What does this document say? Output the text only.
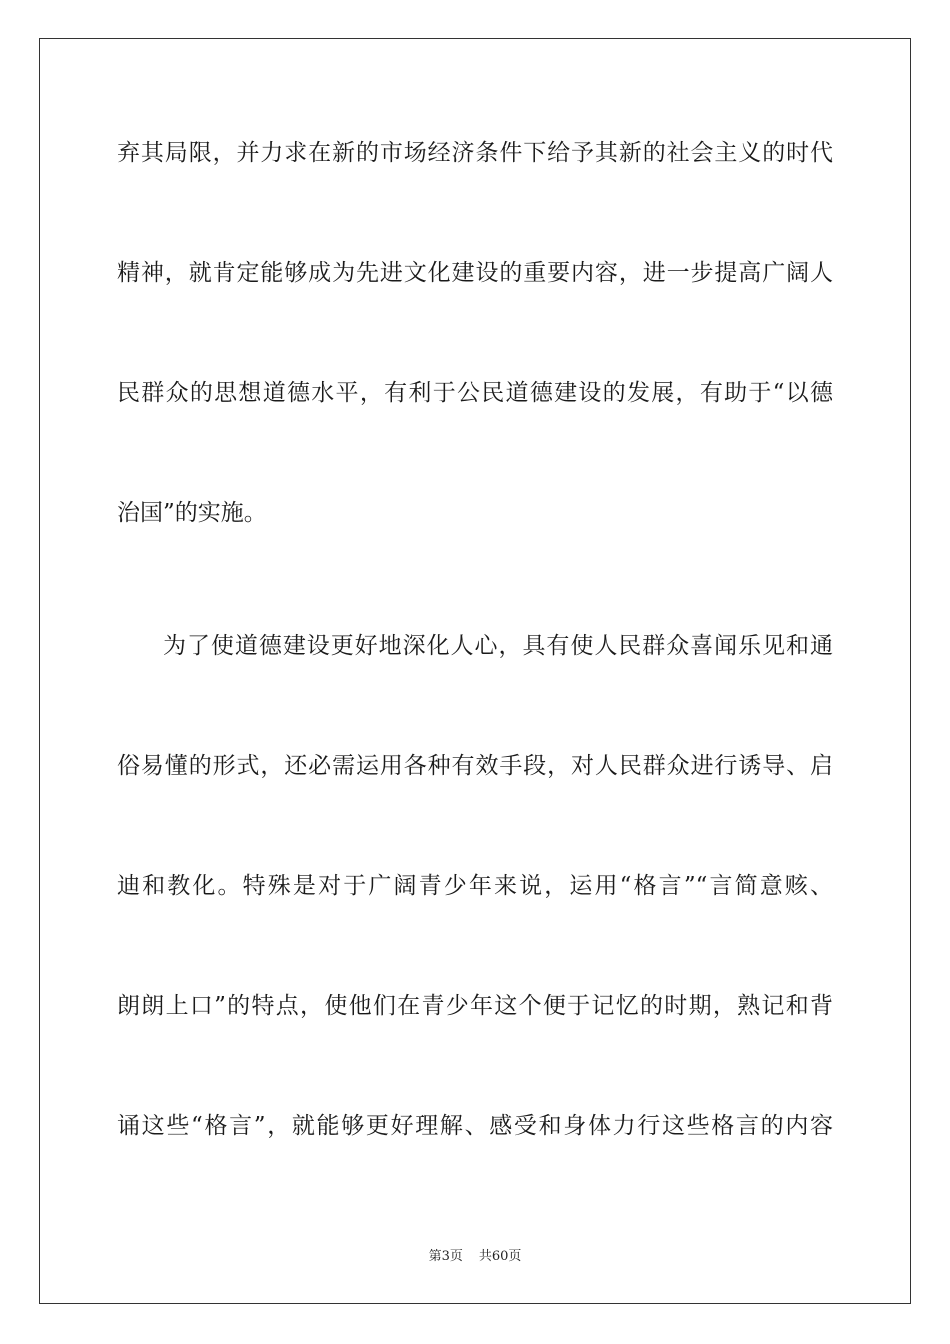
弃其局限，并力求在新的市场经济条件下给予其新的社会主义的时代
精神，就肯定能够成为先进文化建设的重要内容，进一步提高广阔人
民群众的思想道德水平，有利于公民道德建设的发展，有助于“以德
治国”的实施。
为了使道德建设更好地深化人心，具有使人民群众喜闻乐见和通
俗易懂的形式，还必需运用各种有效手段，对人民群众进行诱导、启
迪和教化。特殊是对于广阔青少年来说，运用“格言”“言简意赅、
朗朗上口”的特点，使他们在青少年这个便于记忆的时期，熟记和背
诵这些“格言”，就能够更好理解、感受和身体力行这些格言的内容
第3页 共60页
